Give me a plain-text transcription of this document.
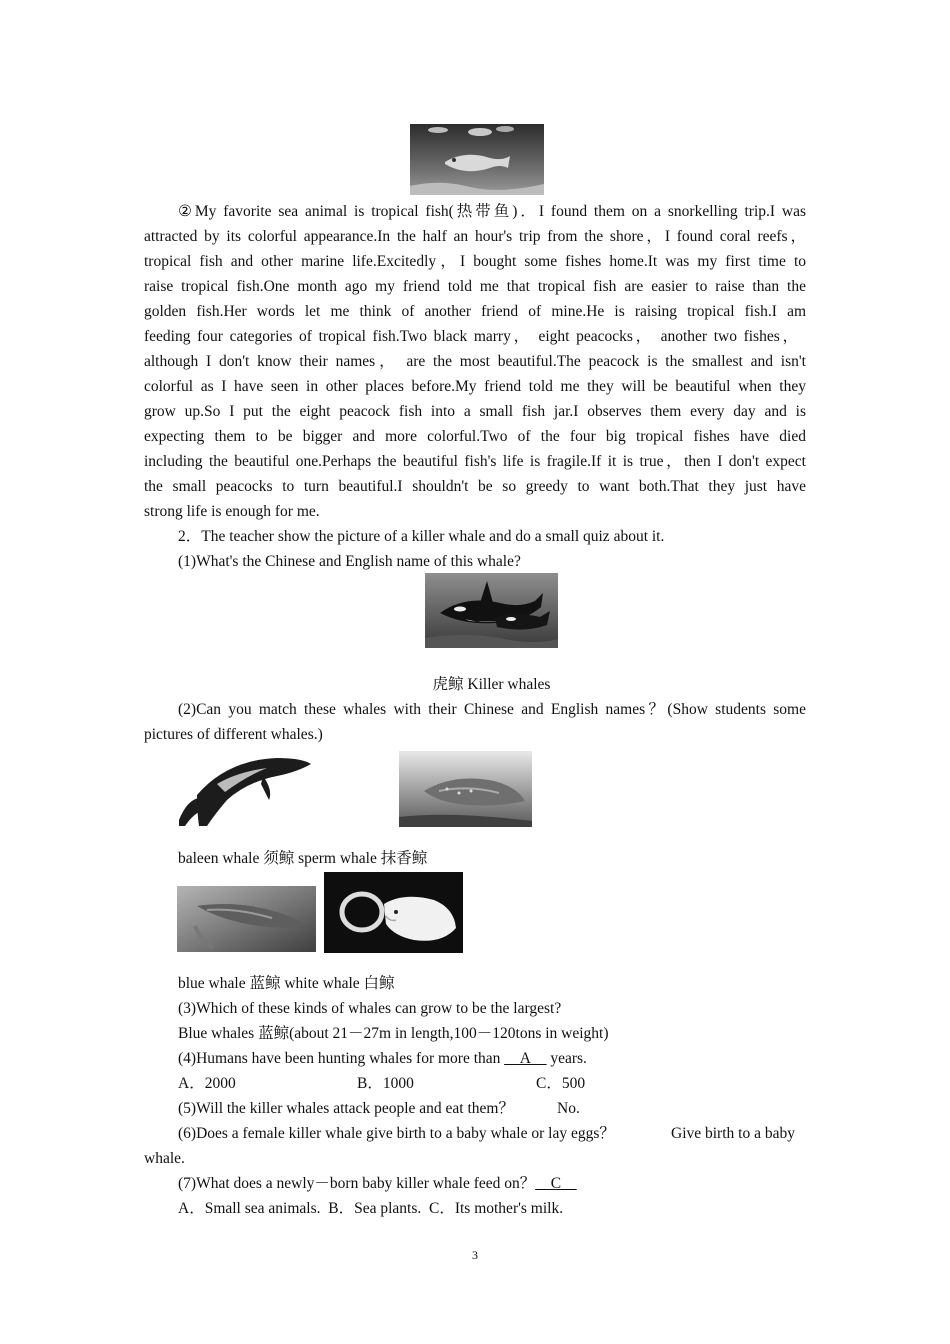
②My favorite sea animal is tropical fish(热带鱼)．I found them on a snorkelling trip.I was
attracted by its colorful appearance.In the half an hour's trip from the shore，I found coral reefs，
tropical fish and other marine life.Excitedly，I bought some fishes home.It was my first time to
raise tropical fish.One month ago my friend told me that tropical fish are easier to raise than the
golden fish.Her words let me think of another friend of mine.He is raising tropical fish.I am
feeding four categories of tropical fish.Two black marry， eight peacocks， another two fishes，
although I don't know their names， are the most beautiful.The peacock is the smallest and isn't
colorful as I have seen in other places before.My friend told me they will be beautiful when they
grow up.So I put the eight peacock fish into a small fish jar.I observes them every day and is
expecting them to be bigger and more colorful.Two of the four big tropical fishes have died
including the beautiful one.Perhaps the beautiful fish's life is fragile.If it is true，then I don't expect
the small peacocks to turn beautiful.I shouldn't be so greedy to want both.That they just have
strong life is enough for me.
2．The teacher show the picture of a killer whale and do a small quiz about it.
(1)What's the Chinese and English name of this whale?
虎鲸 Killer whales
(2)Can you match these whales with their Chinese and English names？(Show students some
pictures of different whales.)
baleen whale 须鲸 sperm whale 抹香鲸
blue whale 蓝鲸 white whale 白鲸
(3)Which of these kinds of whales can grow to be the largest?
Blue whales 蓝鲸(about 21－27m in length,100－120tons in weight)
(4)Humans have been hunting whales for more than __A__ years.
A．2000	B．1000	C．500
(5)Will the killer whales attack people and eat them？	No.
(6)Does a female killer whale give birth to a baby whale or lay eggs？	Give birth to a baby
whale.
(7)What does a newly－born baby killer whale feed on？__C__
A．Small sea animals.  B．Sea plants.  C．Its mother's milk.
3
